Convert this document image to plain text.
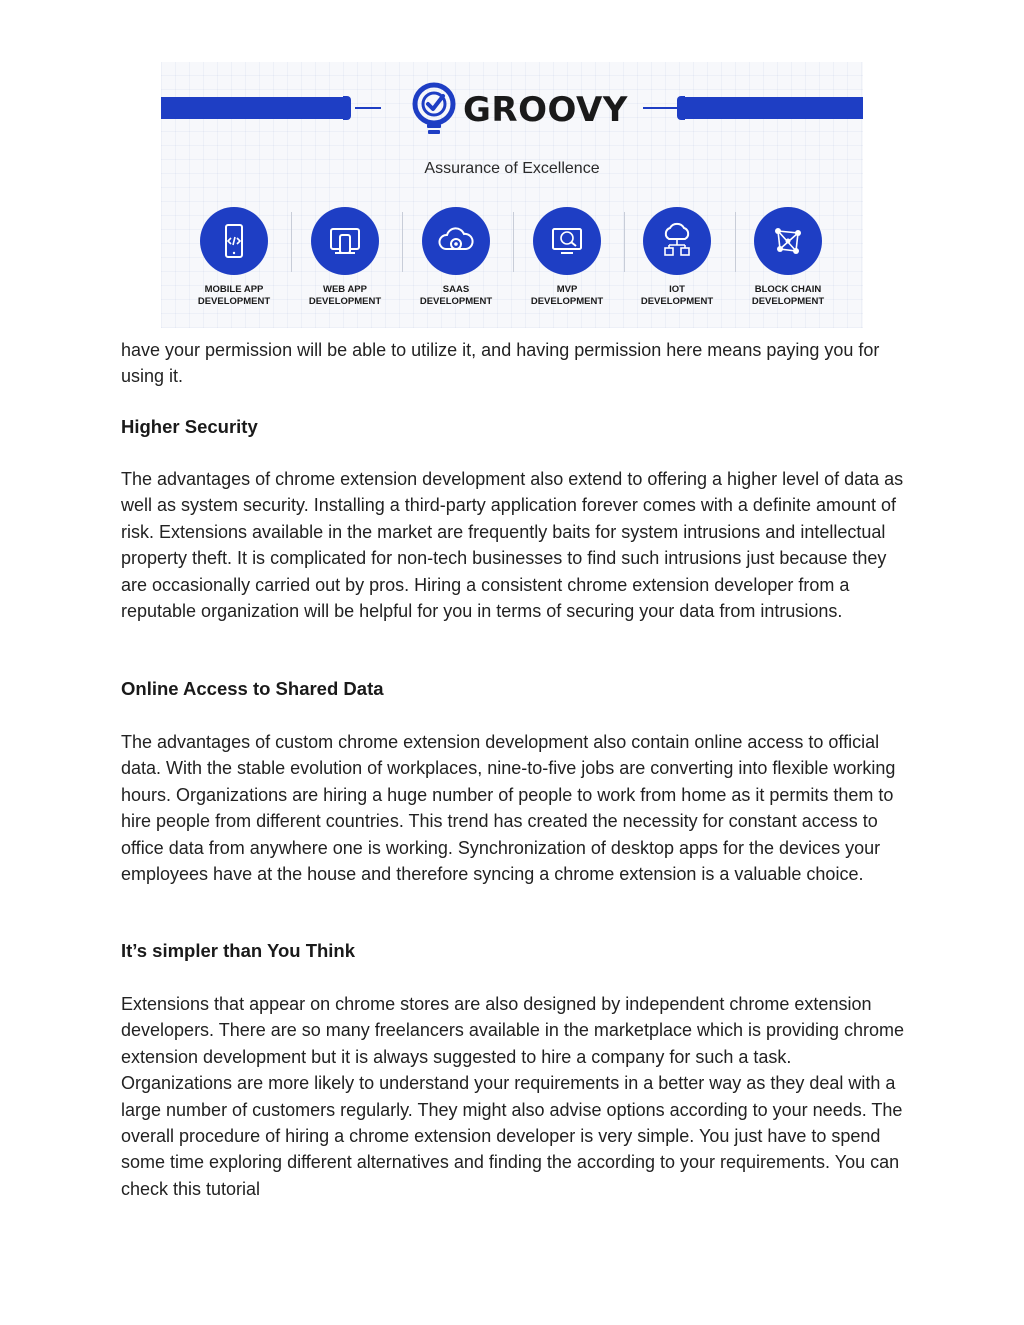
GROOVY
Assurance of Excellence
MOBILE APP
DEVELOPMENT
WEB APP
DEVELOPMENT
SAAS
DEVELOPMENT
MVP
DEVELOPMENT
IOT
DEVELOPMENT
BLOCK CHAIN
DEVELOPMENT

have your permission will be able to utilize it, and having permission here means paying you for using it.

Higher Security

The advantages of chrome extension development also extend to offering a higher level of data as well as system security. Installing a third-party application forever comes with a definite amount of risk. Extensions available in the market are frequently baits for system intrusions and intellectual property theft. It is complicated for non-tech businesses to find such intrusions just because they are occasionally carried out by pros. Hiring a consistent chrome extension developer from a reputable organization will be helpful for you in terms of securing your data from intrusions.

Online Access to Shared Data

The advantages of custom chrome extension development also contain online access to official data. With the stable evolution of workplaces, nine-to-five jobs are converting into flexible working hours. Organizations are hiring a huge number of people to work from home as it permits them to hire people from different countries. This trend has created the necessity for constant access to office data from anywhere one is working. Synchronization of desktop apps for the devices your employees have at the house and therefore syncing a chrome extension is a valuable choice.

It’s simpler than You Think

Extensions that appear on chrome stores are also designed by independent chrome extension developers. There are so many freelancers available in the marketplace which is providing chrome extension development but it is always suggested to hire a company for such a task. Organizations are more likely to understand your requirements in a better way as they deal with a large number of customers regularly. They might also advise options according to your needs. The overall procedure of hiring a chrome extension developer is very simple. You just have to spend some time exploring different alternatives and finding the according to your requirements. You can check this tutorial
